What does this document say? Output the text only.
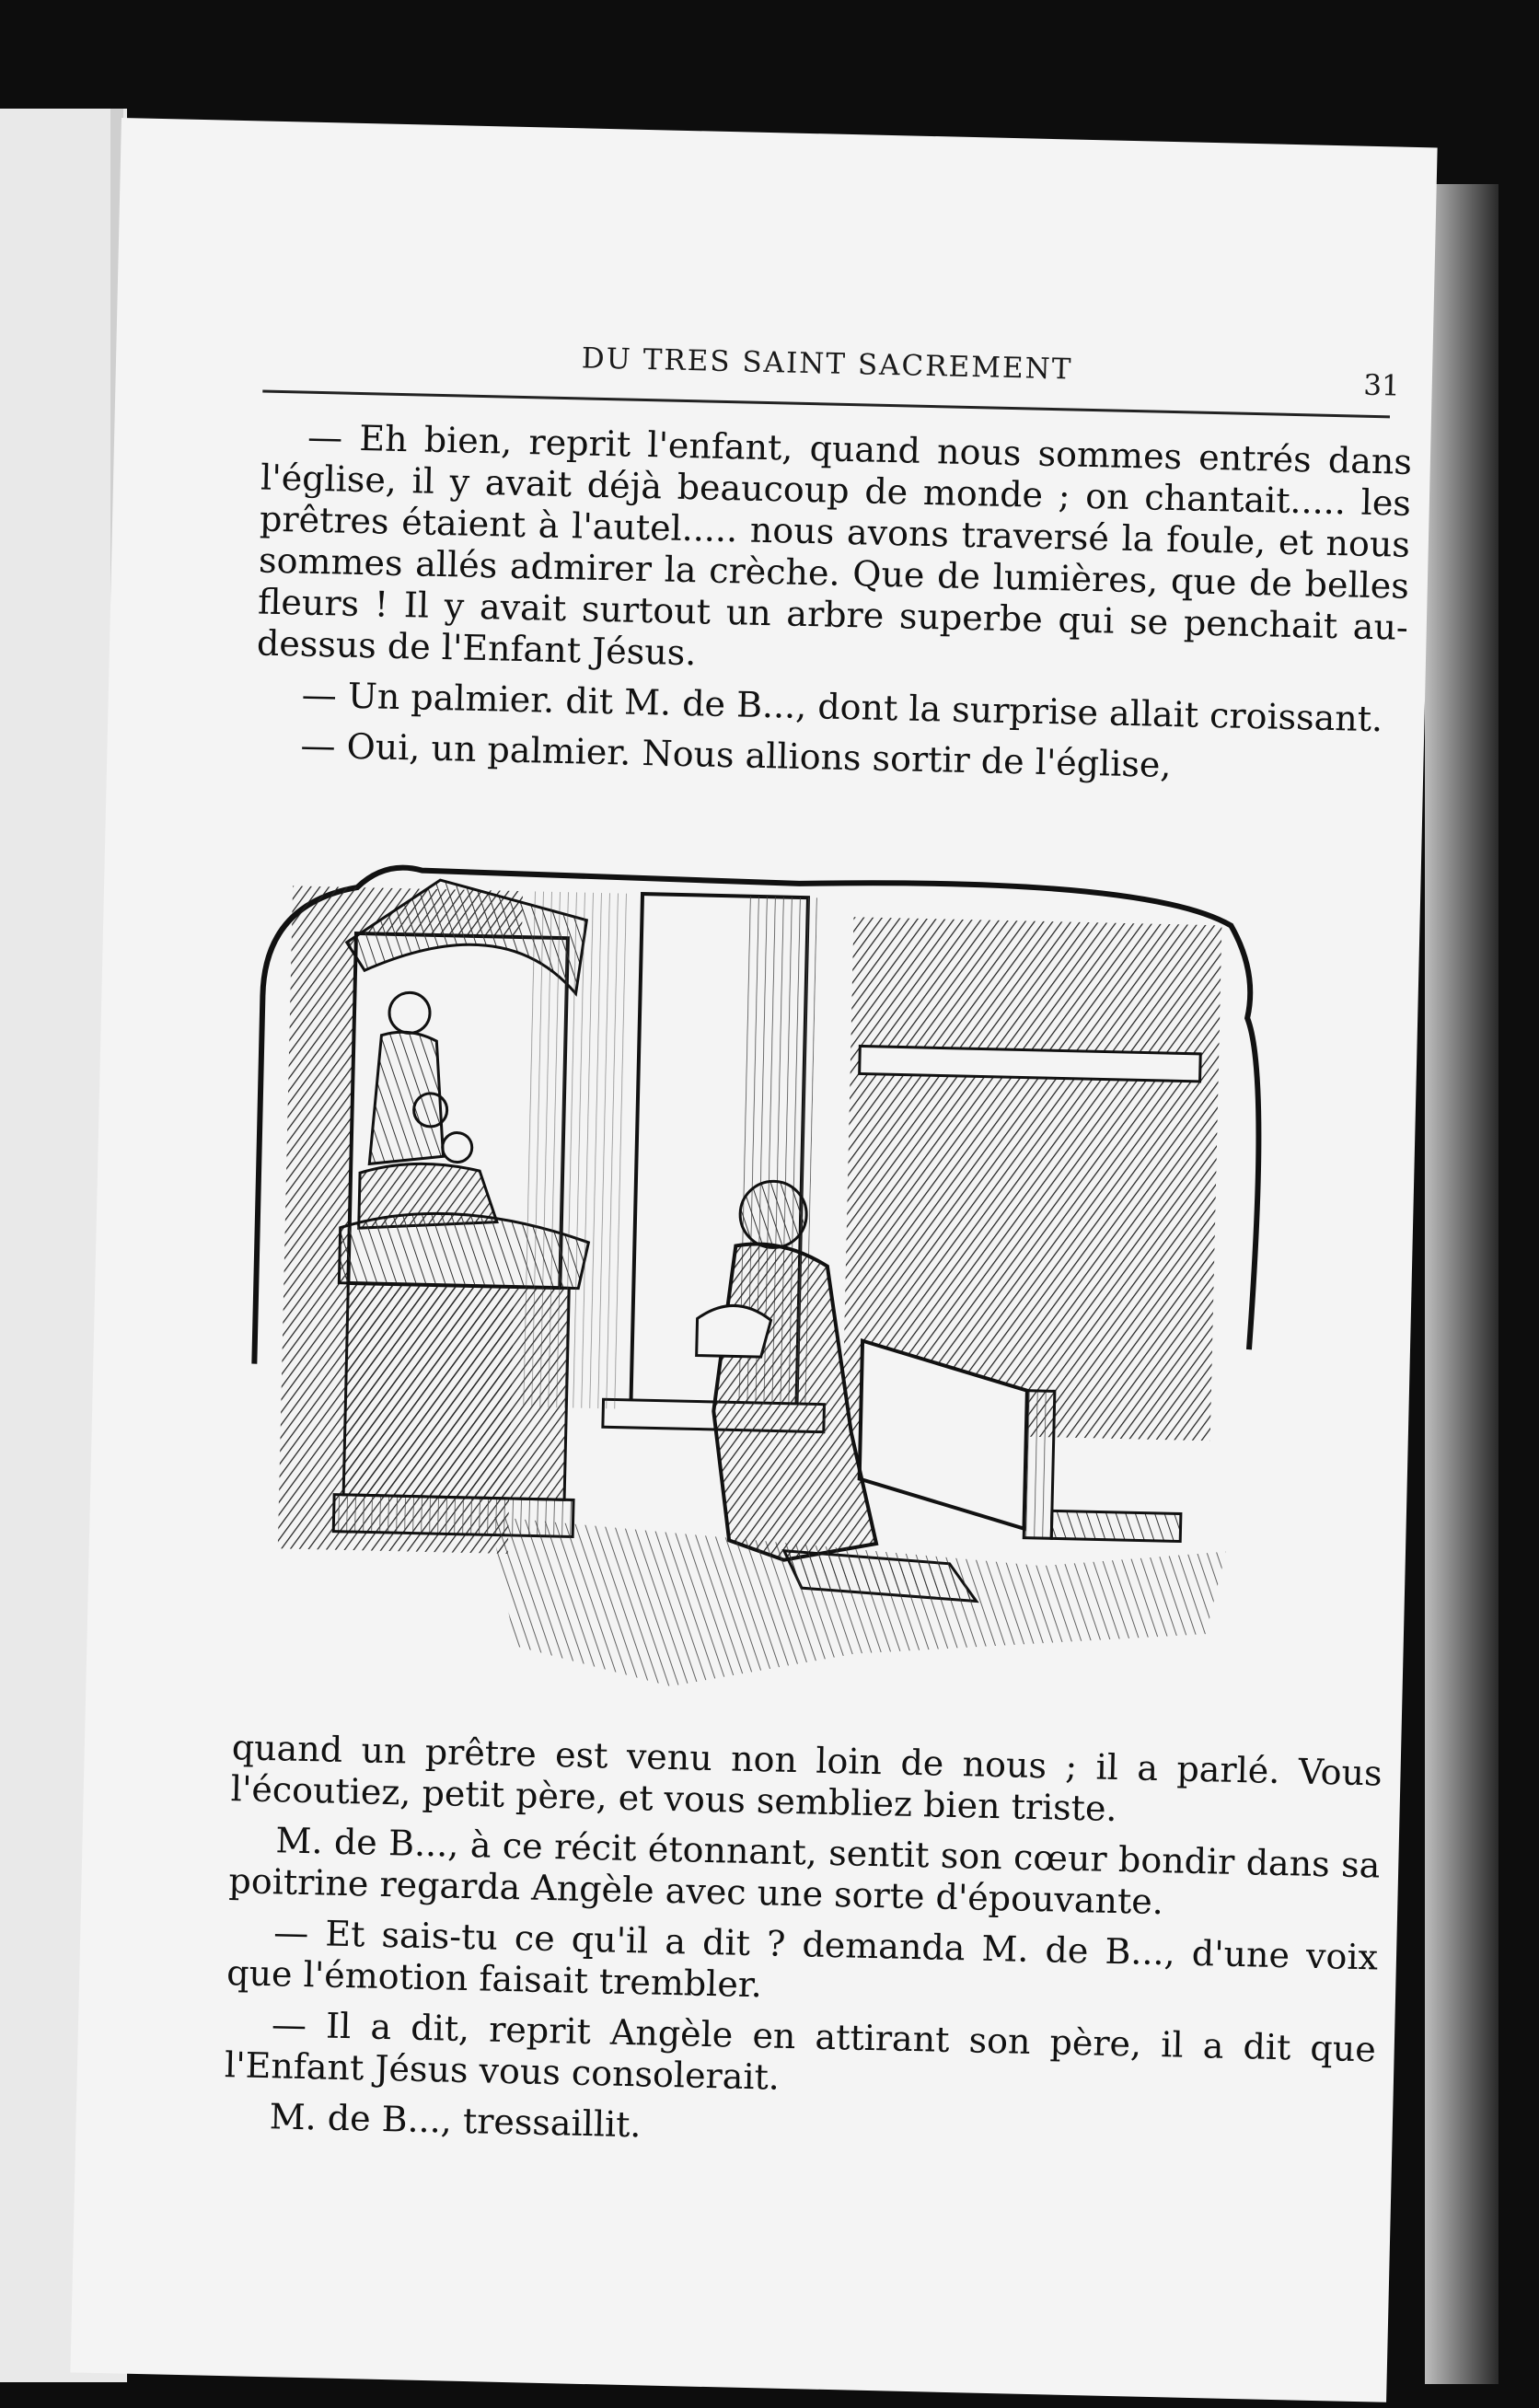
DU TRES SAINT SACREMENT	31

— Eh bien, reprit l'enfant, quand nous sommes entrés dans l'église, il y avait déjà beaucoup de monde ; on chantait..... les prêtres étaient à l'autel..... nous avons traversé la foule, et nous sommes allés admirer la crèche. Que de lumières, que de belles fleurs ! Il y avait surtout un arbre superbe qui se penchait au-dessus de l'Enfant Jésus.

— Un palmier. dit M. de B..., dont la surprise allait croissant.

— Oui, un palmier. Nous allions sortir de l'église,

quand un prêtre est venu non loin de nous ; il a parlé. Vous l'écoutiez, petit père, et vous sembliez bien triste.

M. de B..., à ce récit étonnant, sentit son cœur bondir dans sa poitrine regarda Angèle avec une sorte d'épouvante.

— Et sais-tu ce qu'il a dit ? demanda M. de B..., d'une voix que l'émotion faisait trembler.

— Il a dit, reprit Angèle en attirant son père, il a dit que l'Enfant Jésus vous consolerait.

M. de B..., tressaillit.
